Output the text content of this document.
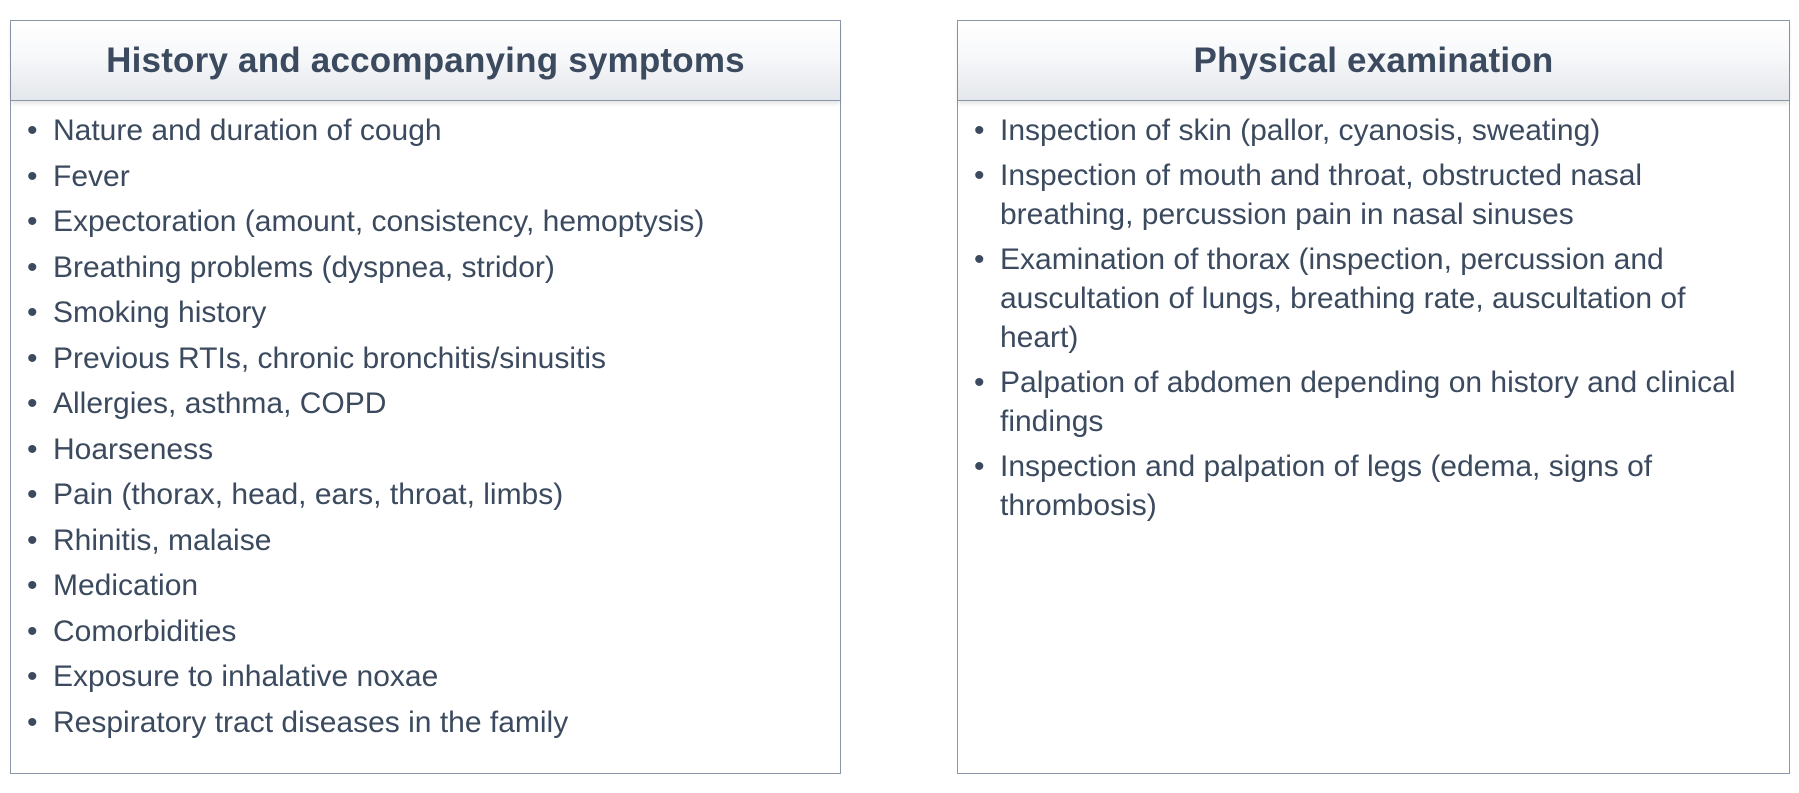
History and accompanying symptoms
• Nature and duration of cough
• Fever
• Expectoration (amount, consistency, hemoptysis)
• Breathing problems (dyspnea, stridor)
• Smoking history
• Previous RTIs, chronic bronchitis/sinusitis
• Allergies, asthma, COPD
• Hoarseness
• Pain (thorax, head, ears, throat, limbs)
• Rhinitis, malaise
• Medication
• Comorbidities
• Exposure to inhalative noxae
• Respiratory tract diseases in the family
Physical examination
• Inspection of skin (pallor, cyanosis, sweating)
• Inspection of mouth and throat, obstructed nasal breathing, percussion pain in nasal sinuses
• Examination of thorax (inspection, percussion and auscultation of lungs, breathing rate, auscultation of heart)
• Palpation of abdomen depending on history and clinical findings
• Inspection and palpation of legs (edema, signs of thrombosis)
